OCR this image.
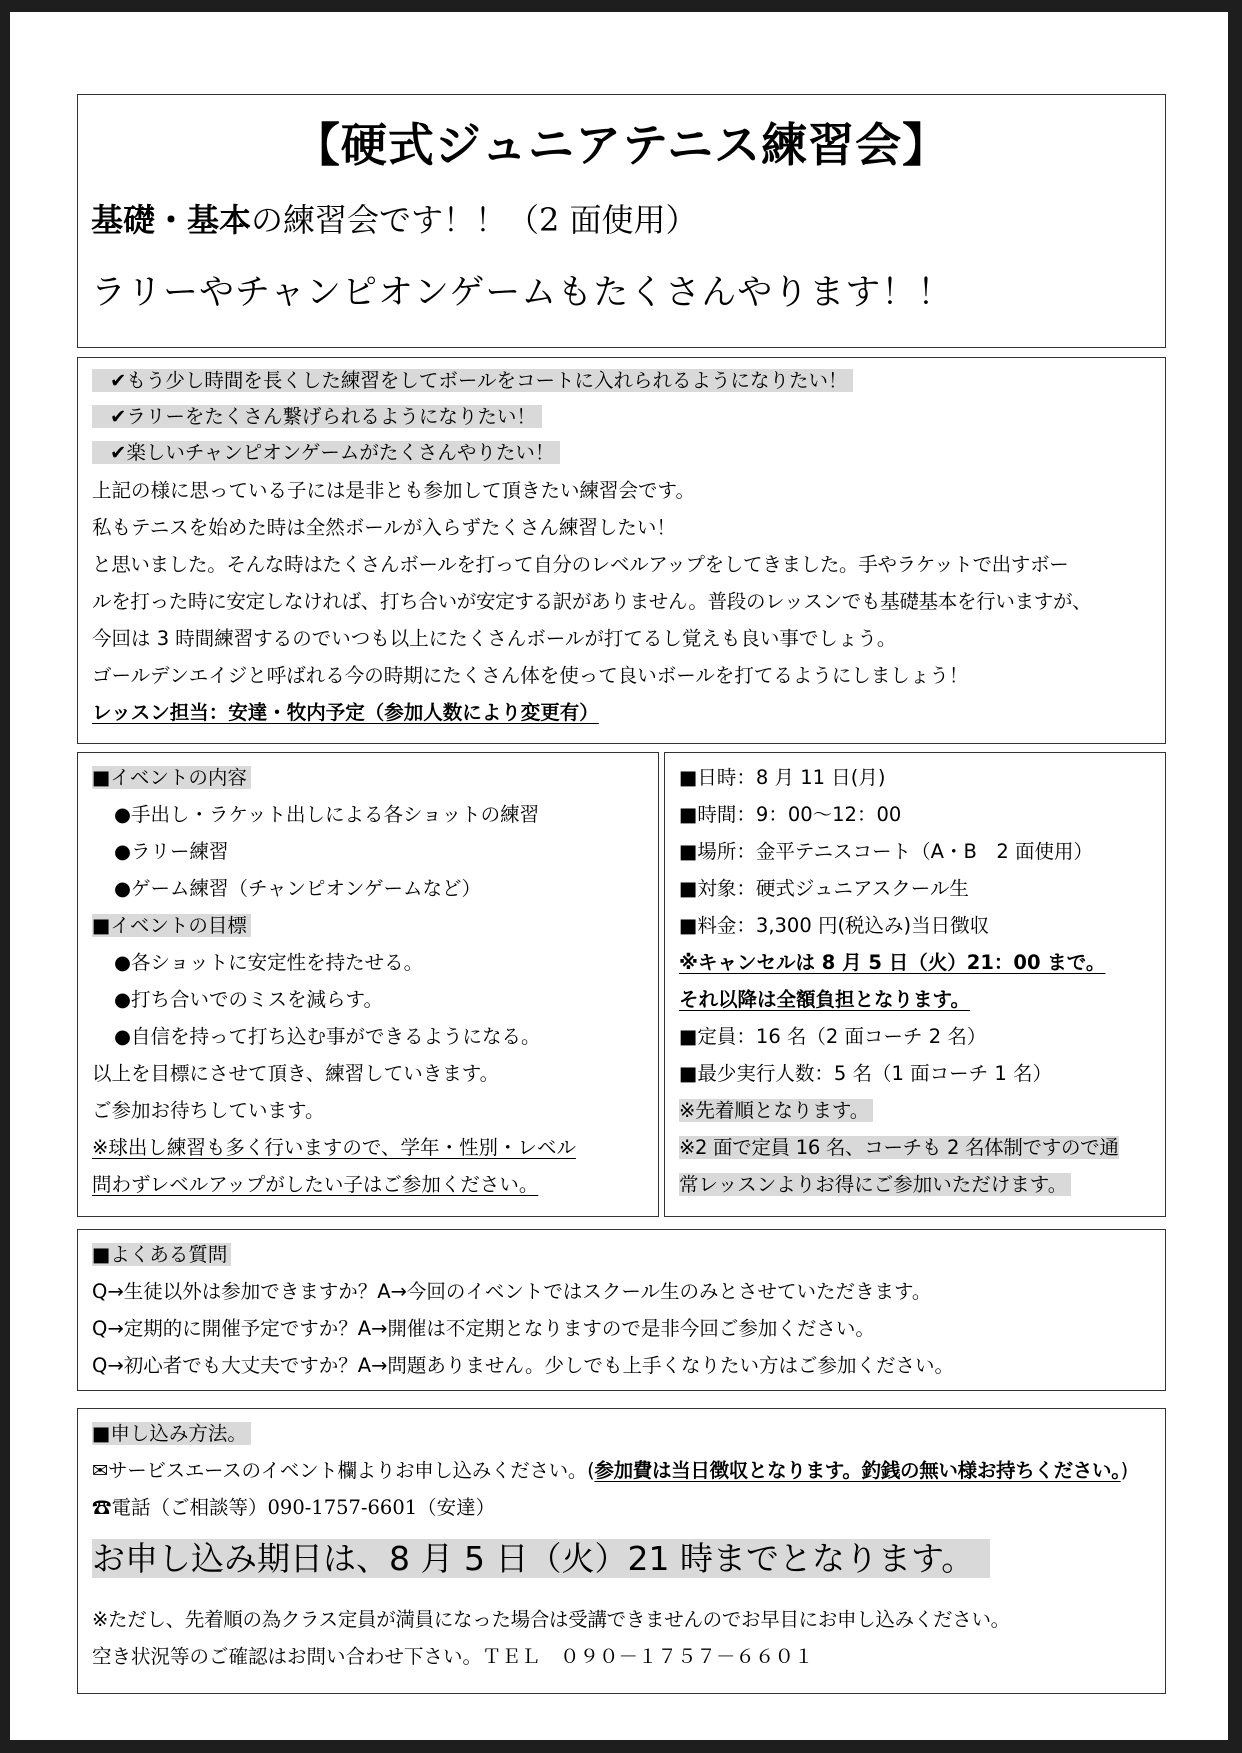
【硬式ジュニアテニス練習会】
基礎・基本の練習会です！！（2 面使用）
ラリーやチャンピオンゲームもたくさんやります！！
✔もう少し時間を長くした練習をしてボールをコートに入れられるようになりたい！
✔ラリーをたくさん繋げられるようになりたい！
✔楽しいチャンピオンゲームがたくさんやりたい！
上記の様に思っている子には是非とも参加して頂きたい練習会です。
私もテニスを始めた時は全然ボールが入らずたくさん練習したい！
と思いました。そんな時はたくさんボールを打って自分のレベルアップをしてきました。手やラケットで出すボー
ルを打った時に安定しなければ、打ち合いが安定する訳がありません。普段のレッスンでも基礎基本を行いますが、
今回は 3 時間練習するのでいつも以上にたくさんボールが打てるし覚えも良い事でしょう。
ゴールデンエイジと呼ばれる今の時期にたくさん体を使って良いボールを打てるようにしましょう！
レッスン担当：安達・牧内予定（参加人数により変更有）
■イベントの内容
●手出し・ラケット出しによる各ショットの練習
●ラリー練習
●ゲーム練習（チャンピオンゲームなど）
■イベントの目標
●各ショットに安定性を持たせる。
●打ち合いでのミスを減らす。
●自信を持って打ち込む事ができるようになる。
以上を目標にさせて頂き、練習していきます。
ご参加お待ちしています。
※球出し練習も多く行いますので、学年・性別・レベル
問わずレベルアップがしたい子はご参加ください。
■日時：8 月 11 日(月)
■時間：9：00〜12：00
■場所：金平テニスコート（A・B　2 面使用）
■対象：硬式ジュニアスクール生
■料金：3,300 円(税込み)当日徴収
※キャンセルは 8 月 5 日（火）21：00 まで。
それ以降は全額負担となります。
■定員：16 名（2 面コーチ 2 名）
■最少実行人数：5 名（1 面コーチ 1 名）
※先着順となります。
※2 面で定員 16 名、コーチも 2 名体制ですので通
常レッスンよりお得にご参加いただけます。
■よくある質問
Q→生徒以外は参加できますか？A→今回のイベントではスクール生のみとさせていただきます。
Q→定期的に開催予定ですか？A→開催は不定期となりますので是非今回ご参加ください。
Q→初心者でも大丈夫ですか？A→問題ありません。少しでも上手くなりたい方はご参加ください。
■申し込み方法。
✉サービスエースのイベント欄よりお申し込みください。(参加費は当日徴収となります。釣銭の無い様お持ちください。)
☎電話（ご相談等）090-1757-6601（安達）
お申し込み期日は、8 月 5 日（火）21 時までとなります。
※ただし、先着順の為クラス定員が満員になった場合は受講できませんのでお早目にお申し込みください。
空き状況等のご確認はお問い合わせ下さい。ＴＥＬ　０９０－１７５７－６６０１
